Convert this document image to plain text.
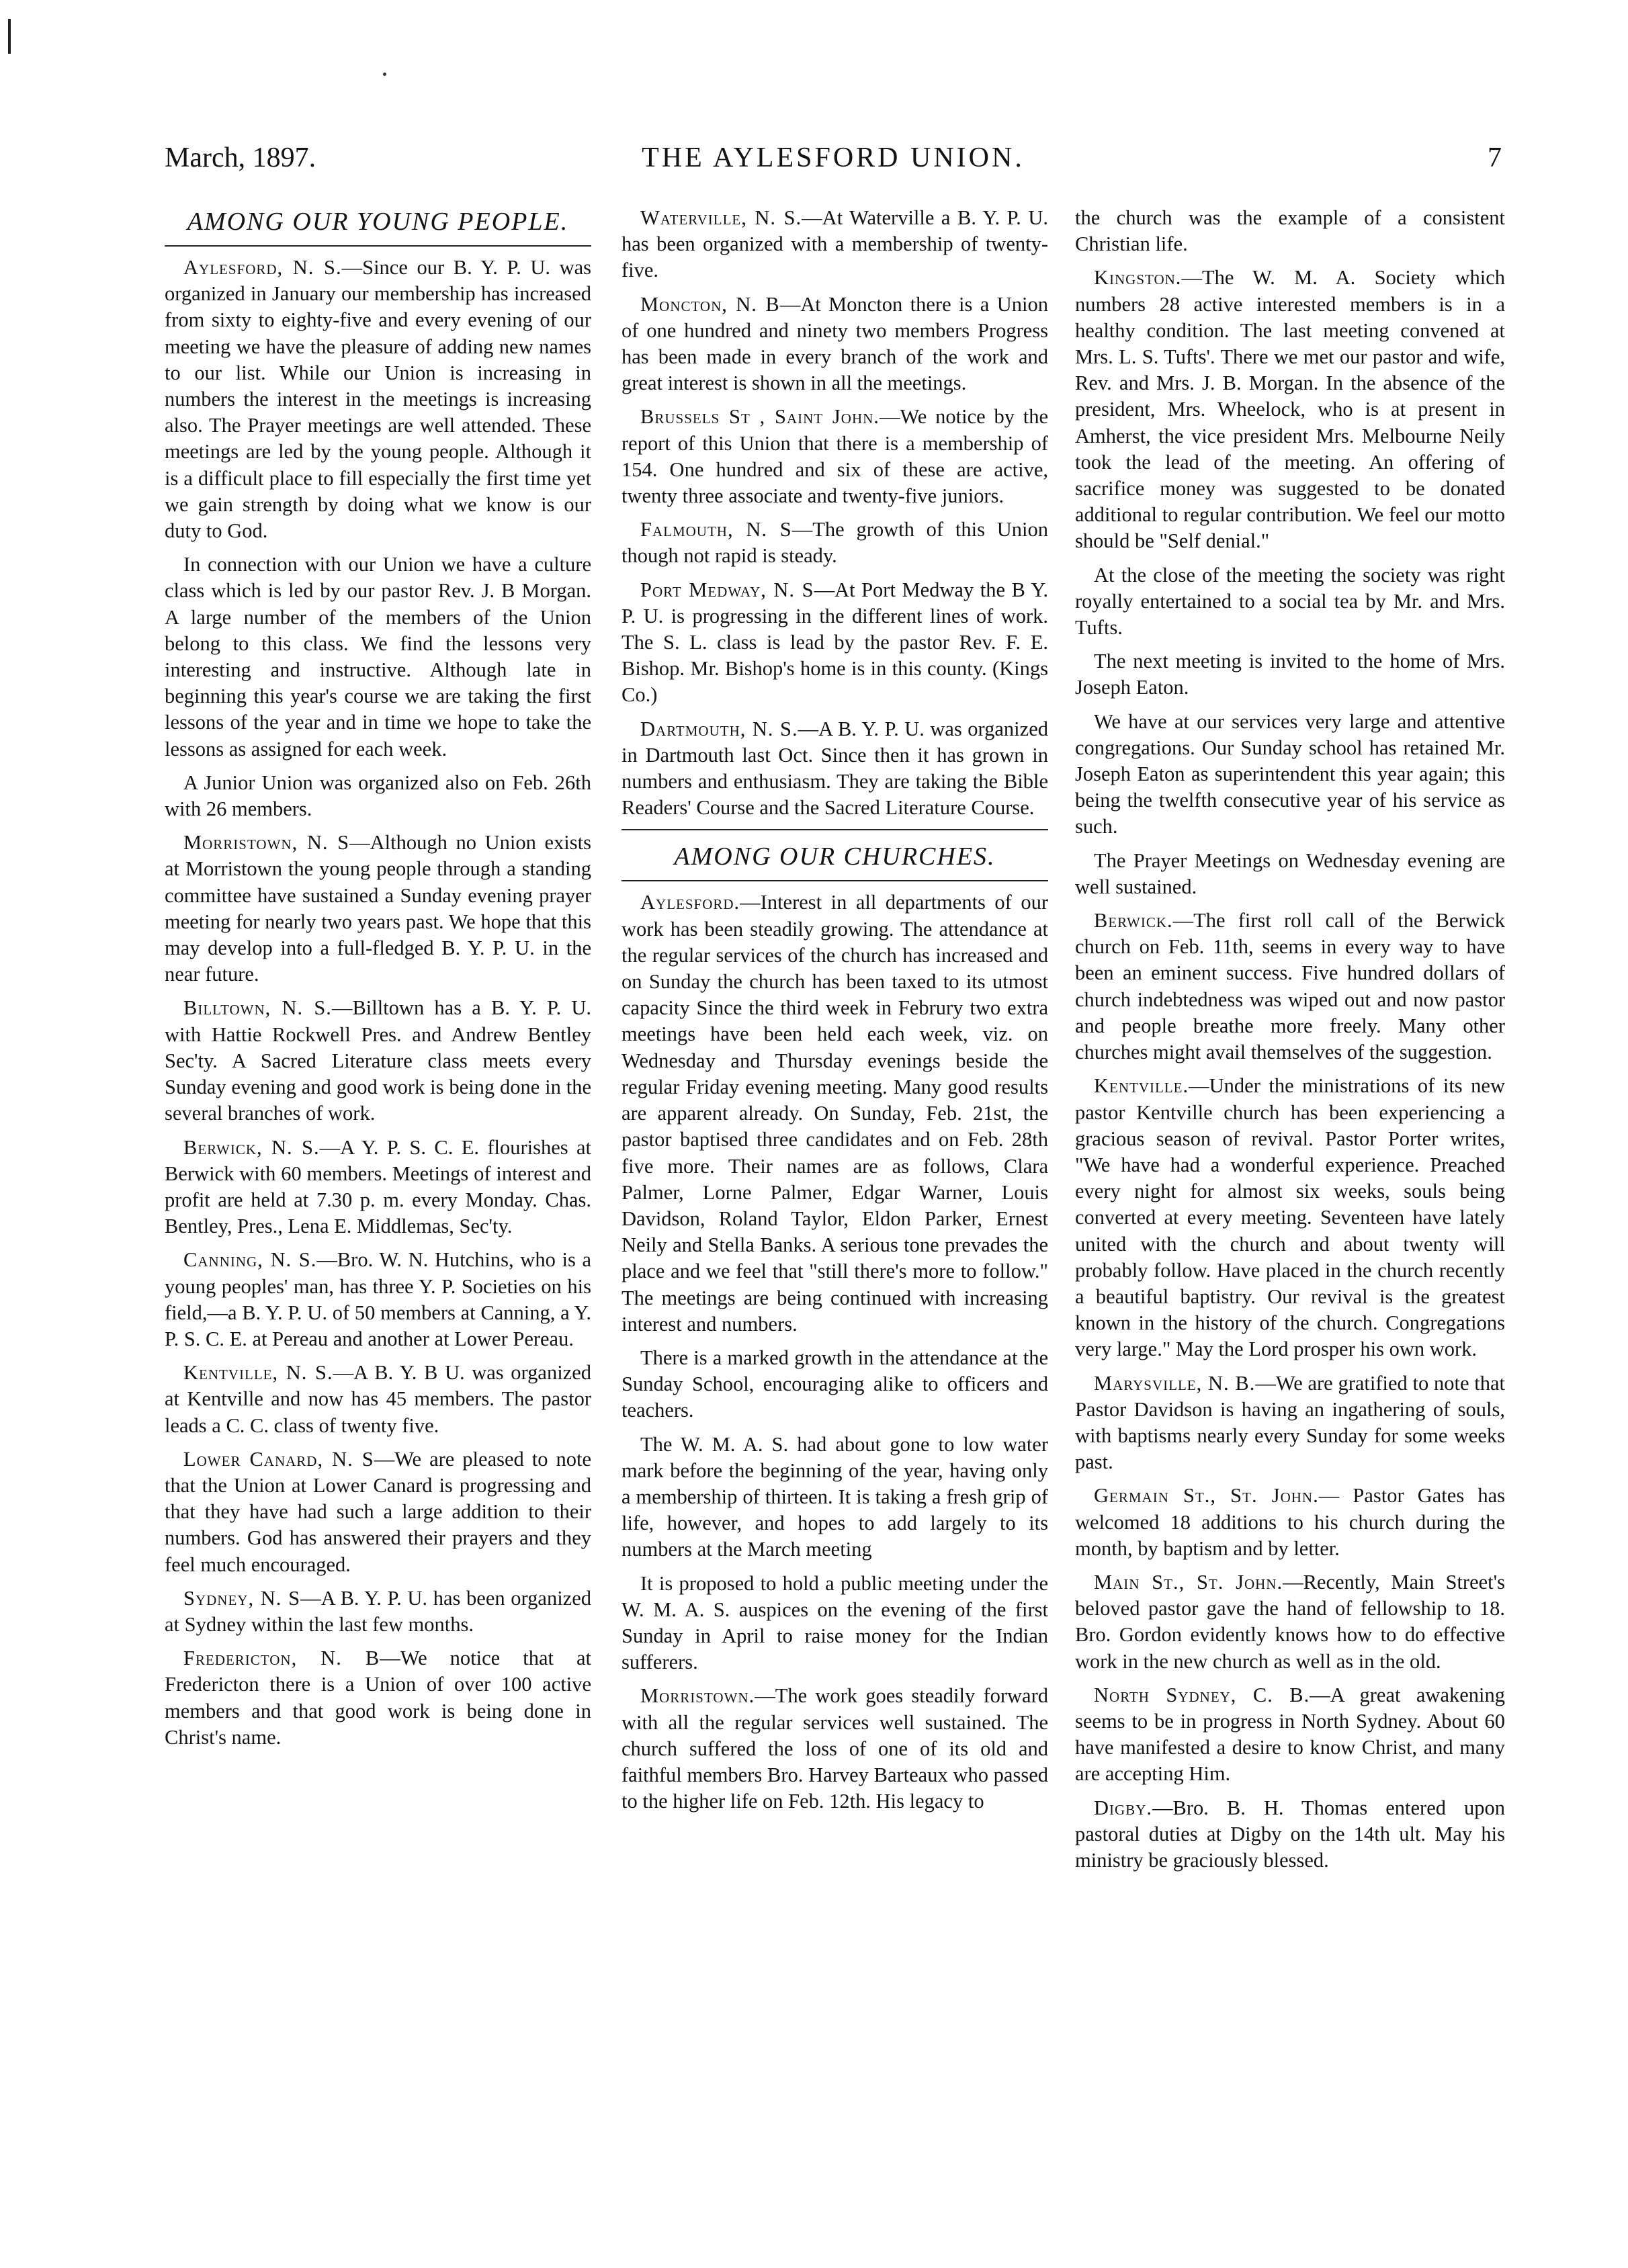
THE AYLESFORD UNION.
March, 1897.	7
AMONG OUR YOUNG PEOPLE.

Aylesford, N. S.—Since our B. Y. P. U. was organized in January our membership has increased from sixty to eighty-five and every evening of our meeting we have the pleasure of adding new names to our list. While our Union is increasing in numbers the interest in the meetings is increasing also. The Prayer meetings are well attended. These meetings are led by the young people. Although it is a difficult place to fill especially the first time yet we gain strength by doing what we know is our duty to God.

In connection with our Union we have a culture class which is led by our pastor Rev. J. B Morgan. A large number of the members of the Union belong to this class. We find the lessons very interesting and instructive. Although late in beginning this year's course we are taking the first lessons of the year and in time we hope to take the lessons as assigned for each week.

A Junior Union was organized also on Feb. 26th with 26 members.

Morristown, N. S—Although no Union exists at Morristown the young people through a standing committee have sustained a Sunday evening prayer meeting for nearly two years past. We hope that this may develop into a full-fledged B. Y. P. U. in the near future.

Billtown, N. S.—Billtown has a B. Y. P. U. with Hattie Rockwell Pres. and Andrew Bentley Sec'ty. A Sacred Literature class meets every Sunday evening and good work is being done in the several branches of work.

Berwick, N. S.—A Y. P. S. C. E. flourishes at Berwick with 60 members. Meetings of interest and profit are held at 7.30 p. m. every Monday. Chas. Bentley, Pres., Lena E. Middlemas, Sec'ty.

Canning, N. S.—Bro. W. N. Hutchins, who is a young peoples' man, has three Y. P. Societies on his field,—a B. Y. P. U. of 50 members at Canning, a Y. P. S. C. E. at Pereau and another at Lower Pereau.

Kentville, N. S.—A B. Y. B U. was organized at Kentville and now has 45 members. The pastor leads a C. C. class of twenty five.

Lower Canard, N. S—We are pleased to note that the Union at Lower Canard is progressing and that they have had such a large addition to their numbers. God has answered their prayers and they feel much encouraged.

Sydney, N. S—A B. Y. P. U. has been organized at Sydney within the last few months.

Fredericton, N. B—We notice that at Fredericton there is a Union of over 100 active members and that good work is being done in Christ's name.

Waterville, N. S.—At Waterville a B. Y. P. U. has been organized with a membership of twenty-five.

Moncton, N. B—At Moncton there is a Union of one hundred and ninety two members Progress has been made in every branch of the work and great interest is shown in all the meetings.

Brussels St , Saint John.—We notice by the report of this Union that there is a membership of 154. One hundred and six of these are active, twenty three associate and twenty-five juniors.

Falmouth, N. S—The growth of this Union though not rapid is steady.

Port Medway, N. S—At Port Medway the B Y. P. U. is progressing in the different lines of work. The S. L. class is lead by the pastor Rev. F. E. Bishop. Mr. Bishop's home is in this county. (Kings Co.)

Dartmouth, N. S.—A B. Y. P. U. was organized in Dartmouth last Oct. Since then it has grown in numbers and enthusiasm. They are taking the Bible Readers' Course and the Sacred Literature Course.

AMONG OUR CHURCHES.

Aylesford.—Interest in all departments of our work has been steadily growing. The attendance at the regular services of the church has increased and on Sunday the church has been taxed to its utmost capacity Since the third week in Februry two extra meetings have been held each week, viz. on Wednesday and Thursday evenings beside the regular Friday evening meeting. Many good results are apparent already. On Sunday, Feb. 21st, the pastor baptised three candidates and on Feb. 28th five more. Their names are as follows, Clara Palmer, Lorne Palmer, Edgar Warner, Louis Davidson, Roland Taylor, Eldon Parker, Ernest Neily and Stella Banks. A serious tone prevades the place and we feel that "still there's more to follow." The meetings are being continued with increasing interest and numbers.

There is a marked growth in the attendance at the Sunday School, encouraging alike to officers and teachers.

The W. M. A. S. had about gone to low water mark before the beginning of the year, having only a membership of thirteen. It is taking a fresh grip of life, however, and hopes to add largely to its numbers at the March meeting

It is proposed to hold a public meeting under the W. M. A. S. auspices on the evening of the first Sunday in April to raise money for the Indian sufferers.

Morristown.—The work goes steadily forward with all the regular services well sustained. The church suffered the loss of one of its old and faithful members Bro. Harvey Barteaux who passed to the higher life on Feb. 12th. His legacy to

the church was the example of a consistent Christian life.

Kingston.—The W. M. A. Society which numbers 28 active interested members is in a healthy condition. The last meeting convened at Mrs. L. S. Tufts'. There we met our pastor and wife, Rev. and Mrs. J. B. Morgan. In the absence of the president, Mrs. Wheelock, who is at present in Amherst, the vice president Mrs. Melbourne Neily took the lead of the meeting. An offering of sacrifice money was suggested to be donated additional to regular contribution. We feel our motto should be "Self denial."

At the close of the meeting the society was right royally entertained to a social tea by Mr. and Mrs. Tufts.

The next meeting is invited to the home of Mrs. Joseph Eaton.

We have at our services very large and attentive congregations. Our Sunday school has retained Mr. Joseph Eaton as superintendent this year again; this being the twelfth consecutive year of his service as such.

The Prayer Meetings on Wednesday evening are well sustained.

Berwick.—The first roll call of the Berwick church on Feb. 11th, seems in every way to have been an eminent success. Five hundred dollars of church indebtedness was wiped out and now pastor and people breathe more freely. Many other churches might avail themselves of the suggestion.

Kentville.—Under the ministrations of its new pastor Kentville church has been experiencing a gracious season of revival. Pastor Porter writes, "We have had a wonderful experience. Preached every night for almost six weeks, souls being converted at every meeting. Seventeen have lately united with the church and about twenty will probably follow. Have placed in the church recently a beautiful baptistry. Our revival is the greatest known in the history of the church. Congregations very large." May the Lord prosper his own work.

Marysville, N. B.—We are gratified to note that Pastor Davidson is having an ingathering of souls, with baptisms nearly every Sunday for some weeks past.

Germain St., St. John.— Pastor Gates has welcomed 18 additions to his church during the month, by baptism and by letter.

Main St., St. John.—Recently, Main Street's beloved pastor gave the hand of fellowship to 18. Bro. Gordon evidently knows how to do effective work in the new church as well as in the old.

North Sydney, C. B.—A great awakening seems to be in progress in North Sydney. About 60 have manifested a desire to know Christ, and many are accepting Him.

Digby.—Bro. B. H. Thomas entered upon pastoral duties at Digby on the 14th ult. May his ministry be graciously blessed.
